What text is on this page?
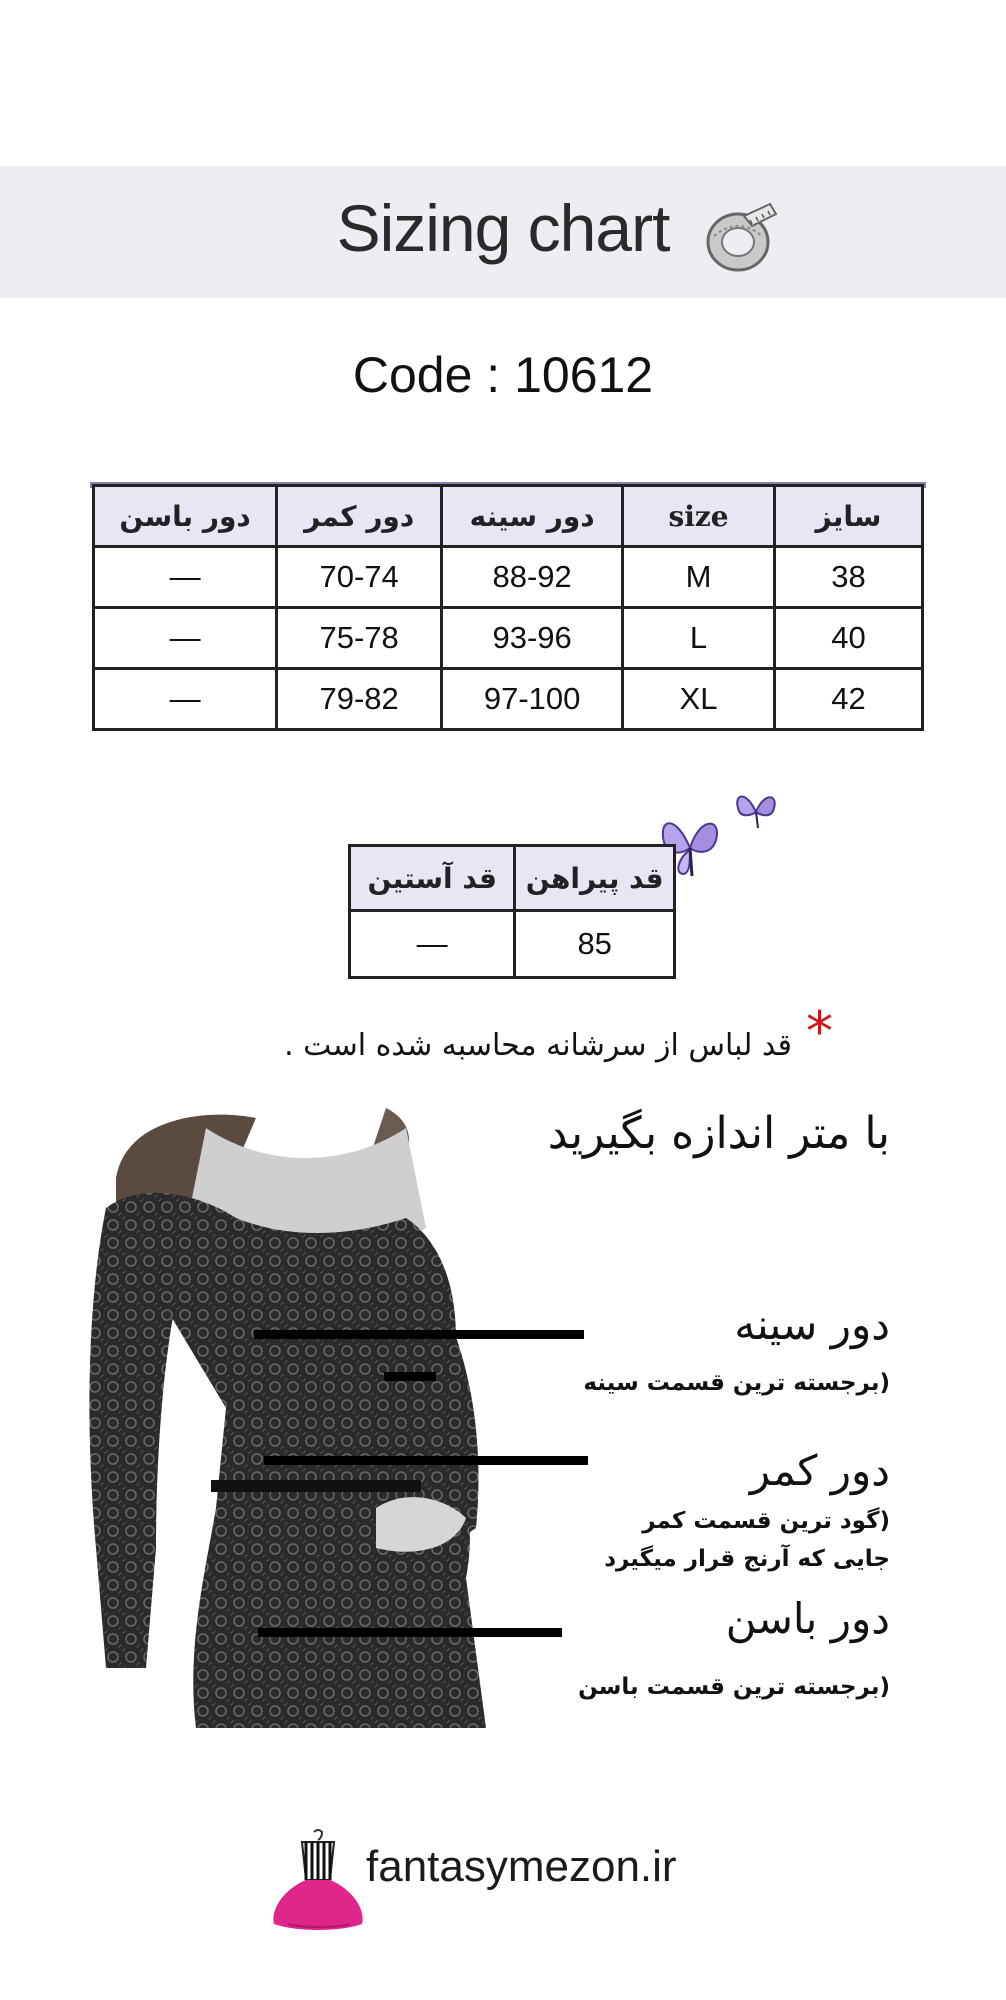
Sizing chart
Code : 10612
سایز	size	دور سینه	دور کمر	دور باسن
38	M	88-92	70-74	—
40	L	93-96	75-78	—
42	XL	97-100	79-82	—
قد پیراهن	قد آستین
85	—
*
قد لباس از سرشانه محاسبه شده است .
با متر اندازه بگیرید
دور سینه
(برجسته ترین قسمت سینه
دور کمر
(گود ترین قسمت کمر
جایی که آرنج قرار میگیرد
دور باسن
(برجسته ترین قسمت باسن
fantasymezon.ir
